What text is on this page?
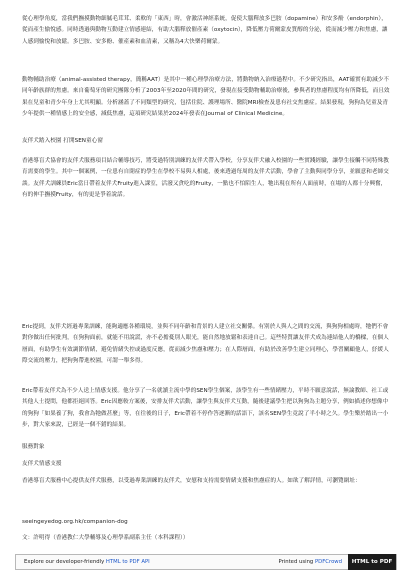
從心理學角度，當我們撫摸動物細膩毛茸茸、柔軟的「東西」時，會激活神經系統，促使大腦釋放多巴胺（dopamine）和安多酚（endorphin），從而產生愉悅感。同時透過與動物互動建立情感連結，有助大腦釋放催產素（oxytocin），降低壓力荷爾蒙皮質醇的分泌，從而減少壓力和焦慮，讓人感到愉悅和放鬆。多巴胺、安多酚、催產素和血清素，又稱為4大快樂荷爾蒙。

動物輔助治療（animal-assisted therapy，簡稱AAT）是其中一種心理學治療方法，將動物納入治療過程中。不少研究指出，AAT確實有助減少不同年齡族群的焦慮。來自葡萄牙的研究團隊分析了2003年至2020年間的研究，發現在接受動物輔助治療後，參與者的焦慮程度均有所降低，而且效果在兒童和青少年身上尤其明顯。分析涵蓋了不同類型的研究，包括住院、護理場所、醫院MRI檢查及患有社交焦慮症。結果發現，狗狗為兒童及青少年提供一種情感上的安全感，減低焦慮，這項研究結果於2024年發表在Journal of Clinical Medicine。

友伴犬踏入校園 打開SEN童心窗

香港導盲犬協會的友伴犬服務項目結合輔導技巧，將受過特別訓練的友伴犬帶入學校，分享友伴犬融入校園的一些實踐經驗，讓學生接觸不同特殊教育需要的學生。其中一個案例，一位患有自閉症的學生在學校不易與人相處，後來透過每周的友伴犬活動，學會了主動與同學分享，並願意和老師交談。友伴犬訓練員Eric當日帶着友伴犬Fruity進入課室，活潑又貪吃的Fruity，一點也不怕陌生人，牠出現在所有人面前時，在場的人都十分興奮，有的伸手撫摸Fruity，有的更是爭着說話。

Eric提到，友伴犬經過專業訓練，能夠適應各種環境，並與不同年齡和背景的人建立社交關係。有別於人與人之間的交流，與狗狗相處時，牠們不會對你做出任何批判，在狗狗面前，就能不用說謊，亦不必擔憂別人眼光，能自然地放鬆和表達自己。這些特質讓友伴犬成為連結他人的橋樑，在個人層面，有助學生有效調節情緒，避免情緒失控或過度反應，從而減少焦慮和壓力；在人際層面，有助於改善學生建立同理心，學習關顧他人，紓緩人際交流的壓力，把狗狗帶進校園，可謂一舉多得。

Eric帶着友伴犬為不少人送上情感支援。他分享了一名就讀主流中學的SEN學生個案，該學生有一些情緒壓力，平時不願意說話，無論教師、社工或其他人士提問，他都拒絕回答。Eric因應較方案後，安排友伴犬活動，讓學生與友伴犬互動，隨後建議學生把以狗狗為主題分享，例如描述你想像中的狗狗「如果養了狗，我會為牠做甚麼」等，在往後的日子，Eric帶着不停作答逐漸的話語下，該名SEN學生竟說了半小時之久。學生樂於踏出一小步，對大家來說，已經是一個不錯的結果。

服務對象

友伴犬情感支援

香港導盲犬服務中心提供友伴犬服務，以受過專業訓練的友伴犬，安慰和支持需要情緒支援和焦慮症的人。如欲了解詳情，可瀏覽網址：

seeingeyedog.org.hk/companion-dog

Explore our developer-friendly HTML to PDF API	Printed using PDFCrowd	HTML to PDF

文：許明得（香港教仁大學輔導及心理學系副系主任（本科課程））
